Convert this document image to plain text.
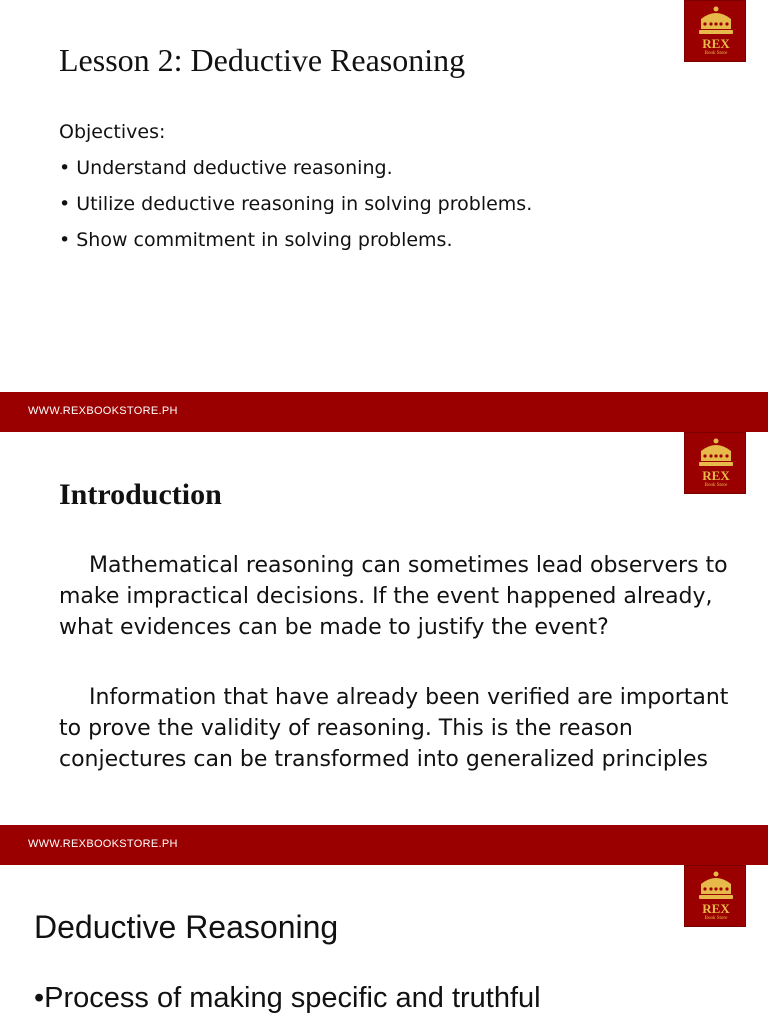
REX
Book Store
Lesson 2: Deductive Reasoning
Objectives:
• Understand deductive reasoning.
• Utilize deductive reasoning in solving problems.
• Show commitment in solving problems.
WWW.REXBOOKSTORE.PH
REX
Book Store
Introduction

Mathematical reasoning can sometimes lead observers to make impractical decisions. If the event happened already, what evidences can be made to justify the event?

Information that have already been verified are important to prove the validity of reasoning. This is the reason conjectures can be transformed into generalized principles

WWW.REXBOOKSTORE.PH
REX
Book Store
Deductive Reasoning
•Process of making specific and truthful
